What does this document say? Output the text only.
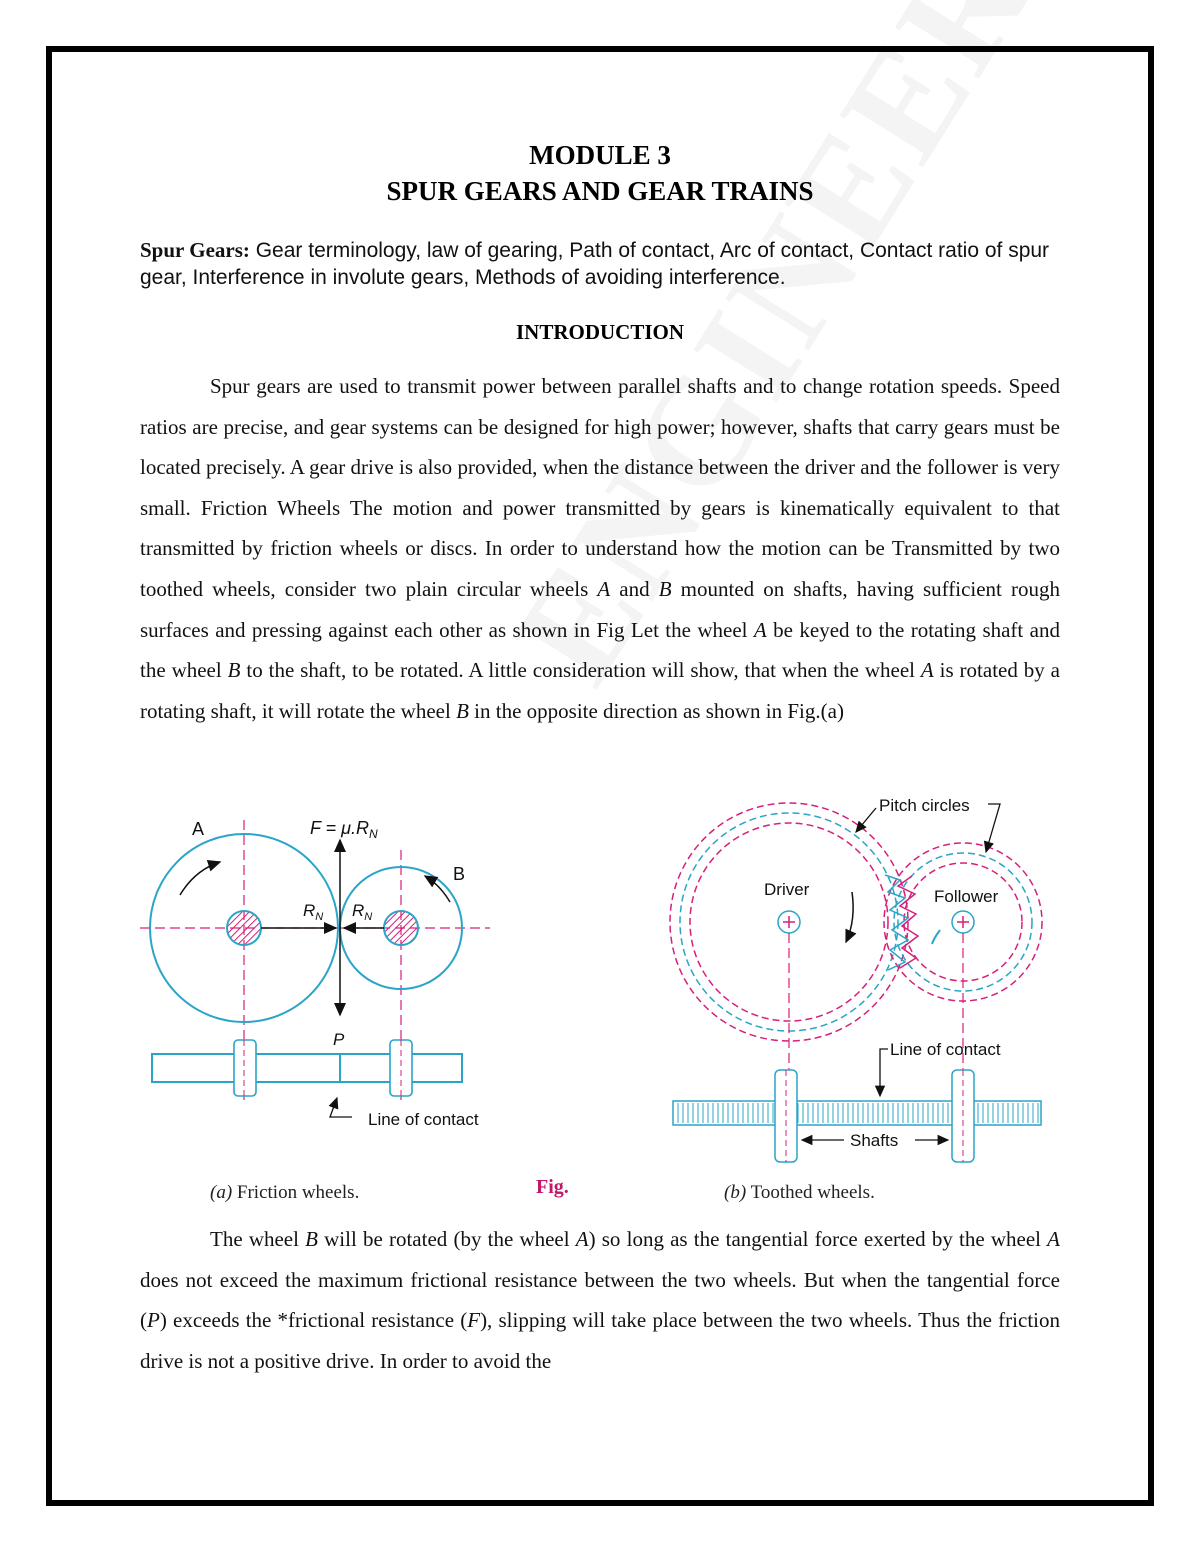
MODULE 3
SPUR GEARS AND GEAR TRAINS
Spur Gears: Gear terminology, law of gearing, Path of contact, Arc of contact, Contact ratio of spur gear, Interference in involute gears, Methods of avoiding interference.
INTRODUCTION
Spur gears are used to transmit power between parallel shafts and to change rotation speeds. Speed ratios are precise, and gear systems can be designed for high power; however, shafts that carry gears must be located precisely. A gear drive is also provided, when the distance between the driver and the follower is very small. Friction Wheels The motion and power transmitted by gears is kinematically equivalent to that transmitted by friction wheels or discs. In order to understand how the motion can be Transmitted by two toothed wheels, consider two plain circular wheels A and B mounted on shafts, having sufficient rough surfaces and pressing against each other as shown in Fig Let the wheel A be keyed to the rotating shaft and the wheel B to the shaft, to be rotated. A little consideration will show, that when the wheel A is rotated by a rotating shaft, it will rotate the wheel B in the opposite direction as shown in Fig.(a)
A
B
$F = \mu.R_N$
$R_N$ $R_N$
P
Line of contact
Pitch circles
Driver	Follower
Line of contact
Shafts
(a) Friction wheels.	Fig.	(b) Toothed wheels.
The wheel B will be rotated (by the wheel A) so long as the tangential force exerted by the wheel A does not exceed the maximum frictional resistance between the two wheels. But when the tangential force (P) exceeds the *frictional resistance (F), slipping will take place between the two wheels. Thus the friction drive is not a positive drive. In order to avoid the
